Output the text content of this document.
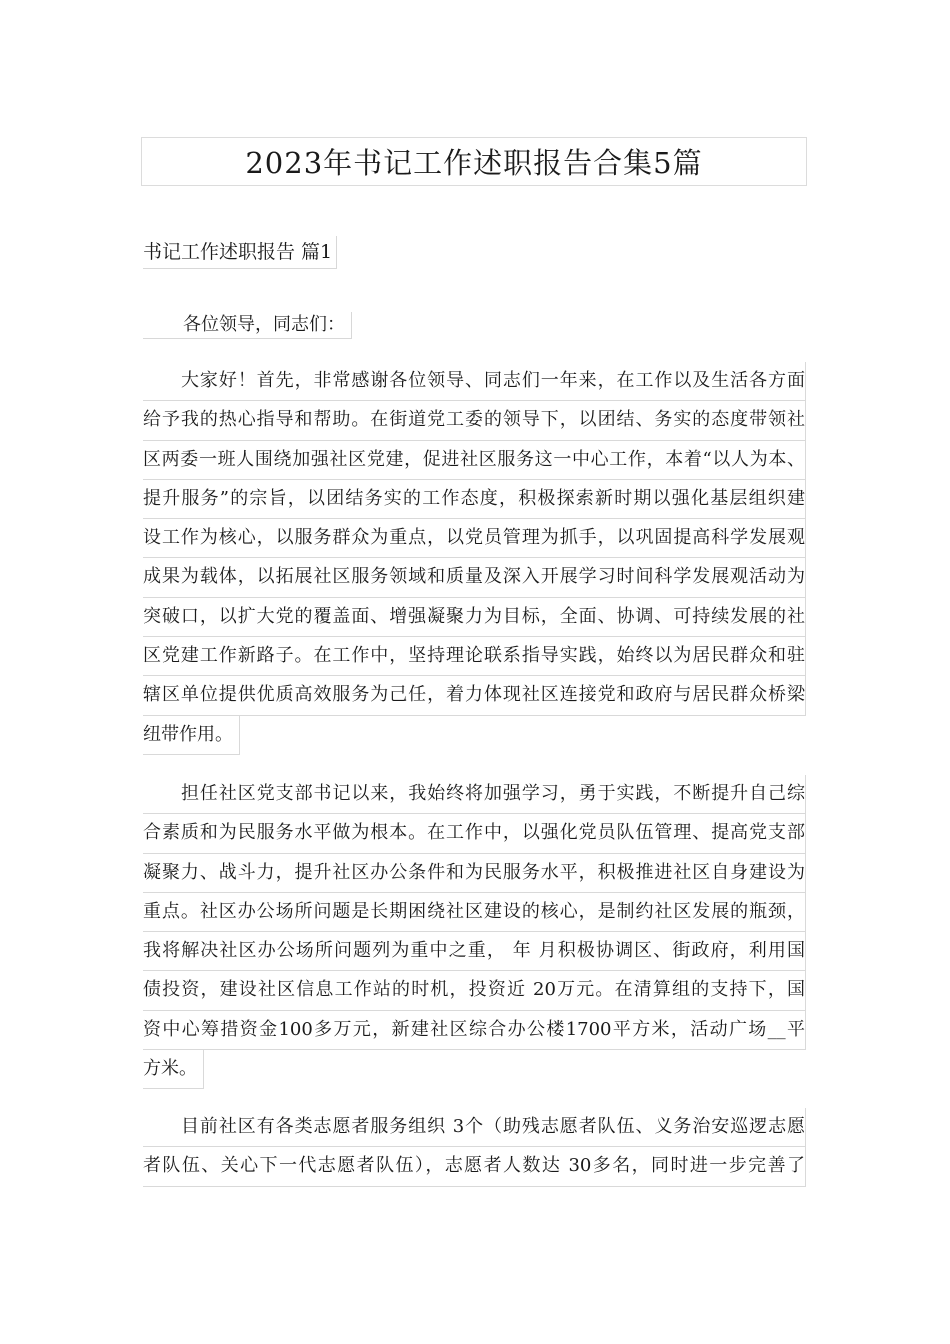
2023年书记工作述职报告合集5篇
书记工作述职报告 篇1
各位领导，同志们：
大家好！首先，非常感谢各位领导、同志们一年来，在工作以及生活各方面
给予我的热心指导和帮助。在街道党工委的领导下，以团结、务实的态度带领社
区两委一班人围绕加强社区党建，促进社区服务这一中心工作，本着“以人为本、
提升服务”的宗旨，以团结务实的工作态度，积极探索新时期以强化基层组织建
设工作为核心，以服务群众为重点，以党员管理为抓手，以巩固提高科学发展观
成果为载体，以拓展社区服务领域和质量及深入开展学习时间科学发展观活动为
突破口，以扩大党的覆盖面、增强凝聚力为目标，全面、协调、可持续发展的社
区党建工作新路子。在工作中，坚持理论联系指导实践，始终以为居民群众和驻
辖区单位提供优质高效服务为己任，着力体现社区连接党和政府与居民群众桥梁
纽带作用。
担任社区党支部书记以来，我始终将加强学习，勇于实践，不断提升自己综
合素质和为民服务水平做为根本。在工作中，以强化党员队伍管理、提高党支部
凝聚力、战斗力，提升社区办公条件和为民服务水平，积极推进社区自身建设为
重点。社区办公场所问题是长期困绕社区建设的核心，是制约社区发展的瓶颈，
我将解决社区办公场所问题列为重中之重， 年 月积极协调区、街政府，利用国
债投资，建设社区信息工作站的时机，投资近 20万元。在清算组的支持下，国
资中心筹措资金100多万元，新建社区综合办公楼1700平方米，活动广场__平
方米。
目前社区有各类志愿者服务组织 3个（助残志愿者队伍、义务治安巡逻志愿
者队伍、关心下一代志愿者队伍），志愿者人数达 30多名，同时进一步完善了
